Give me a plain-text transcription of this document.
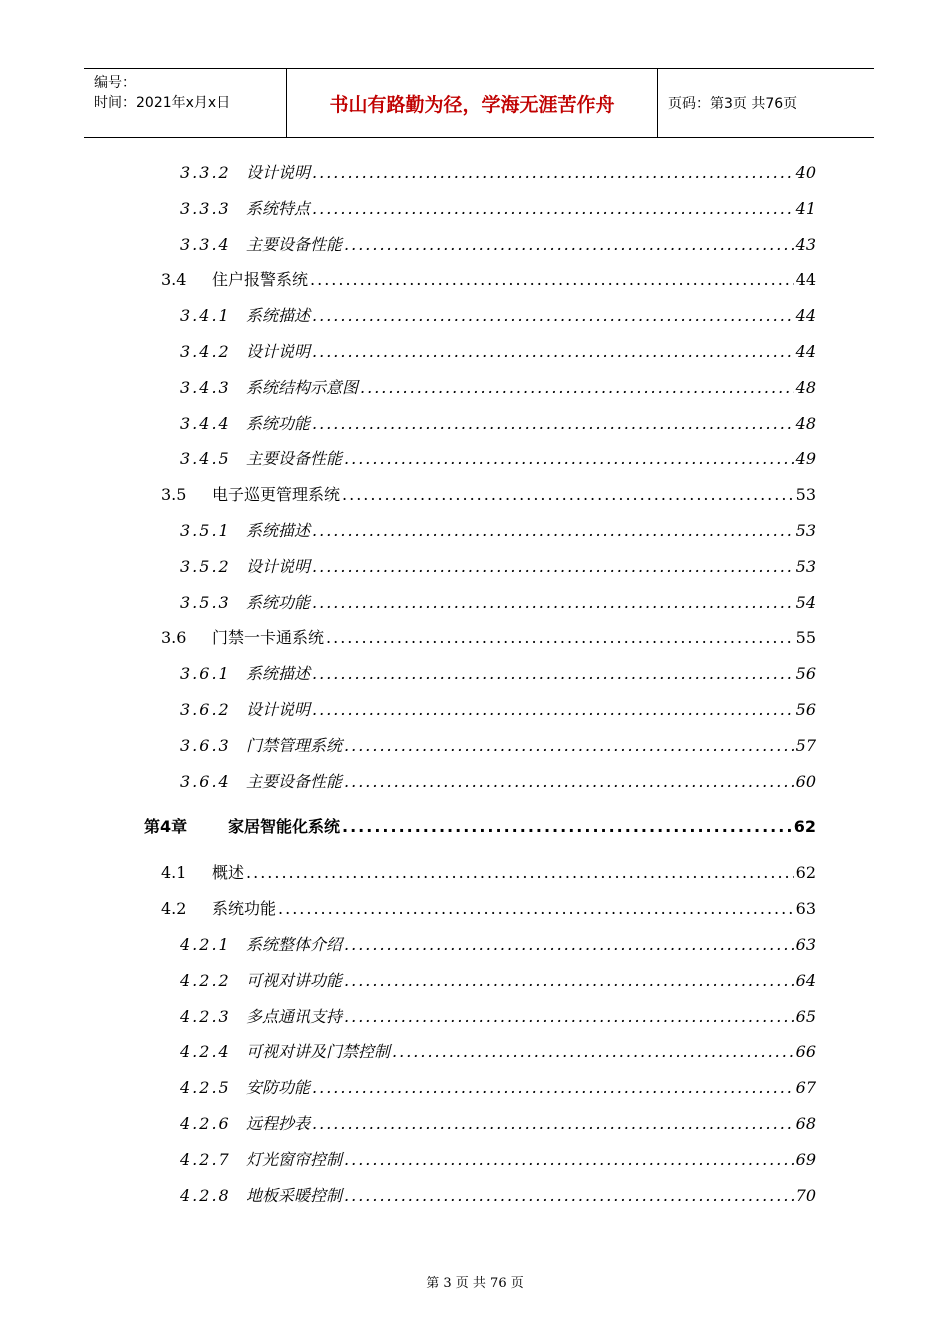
编号：
时间：2021年x月x日	书山有路勤为径，学海无涯苦作舟	页码：第3页 共76页
3.3.2 设计说明 .....	40
3.3.3 系统特点 .....	41
3.3.4 主要设备性能 .....	43
3.4	住户报警系统 .....	44
3.4.1 系统描述 .....	44
3.4.2 设计说明 .....	44
3.4.3 系统结构示意图 .....	48
3.4.4 系统功能 .....	48
3.4.5 主要设备性能 .....	49
3.5	电子巡更管理系统 .....	53
3.5.1 系统描述 .....	53
3.5.2 设计说明 .....	53
3.5.3 系统功能 .....	54
3.6	门禁一卡通系统 .....	55
3.6.1 系统描述 .....	56
3.6.2 设计说明 .....	56
3.6.3 门禁管理系统 .....	57
3.6.4 主要设备性能 .....	60
第4章	家居智能化系统 .....	62
4.1	概述 .....	62
4.2	系统功能 .....	63
4.2.1 系统整体介绍 .....	63
4.2.2 可视对讲功能 .....	64
4.2.3 多点通讯支持 .....	65
4.2.4 可视对讲及门禁控制 .....	66
4.2.5 安防功能 .....	67
4.2.6 远程抄表 .....	68
4.2.7 灯光窗帘控制 .....	69
4.2.8 地板采暖控制 .....	70
第 3 页 共 76 页
